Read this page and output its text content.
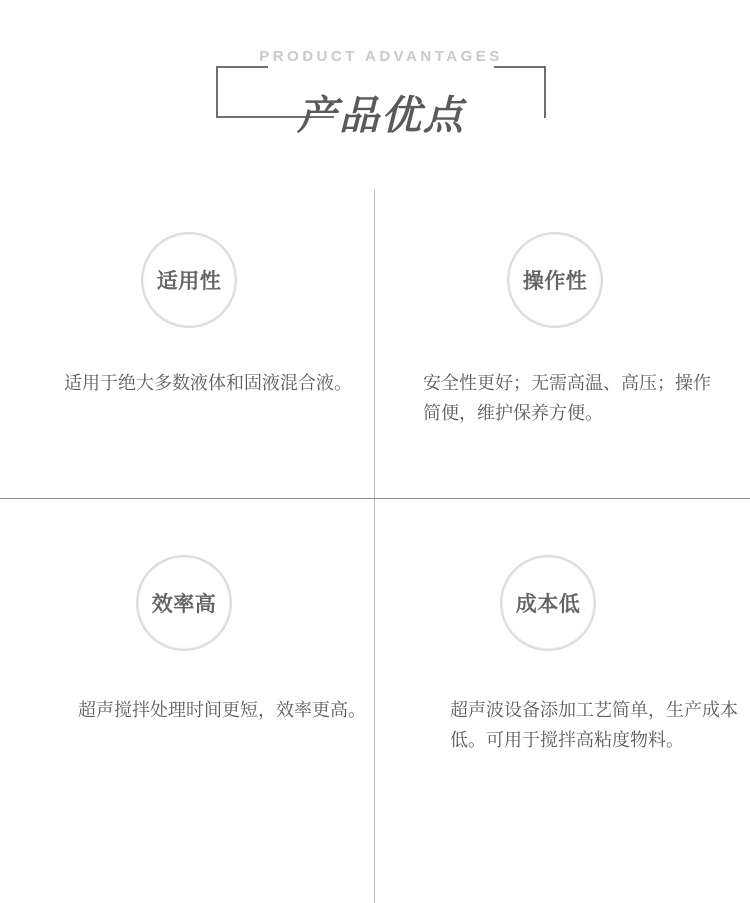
PRODUCT ADVANTAGES
产品优点
适用性
适用于绝大多数液体和固液混合液。
操作性
安全性更好；无需高温、高压；操作简便，维护保养方便。
效率高
超声搅拌处理时间更短，效率更高。
成本低
超声波设备添加工艺简单，生产成本低。可用于搅拌高粘度物料。
